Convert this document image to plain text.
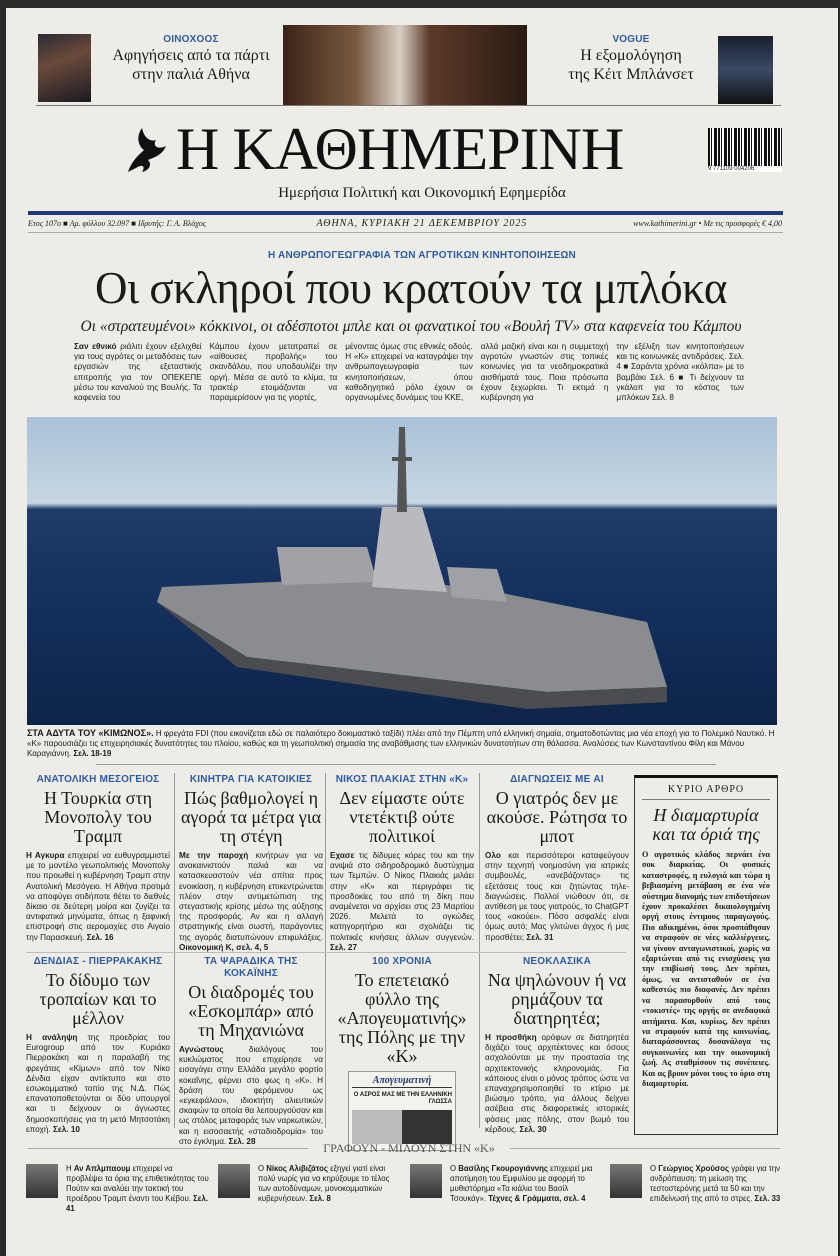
ΟΙΝΟΧΟΟΣ
Αφηγήσεις από τα πάρτι
στην παλιά Αθήνα
VOGUE
Η εξομολόγηση
της Κέιτ Μπλάνσετ
Η ΚΑΘΗΜΕΡΙΝΗ	9 771109 004206
Ημερήσια Πολιτική και Οικονομική Εφημερίδα
Ετος 107ο ■ Αρ. φύλλου 32.097 ■ Ιδρυτής: Γ. Α. Βλάχος	ΑΘΗΝΑ, ΚΥΡΙΑΚΗ 21 ΔΕΚΕΜΒΡΙΟΥ 2025	www.kathimerini.gr • Με τις προσφορές € 4,00
Η ΑΝΘΡΩΠΟΓΕΩΓΡΑΦΙΑ ΤΩΝ ΑΓΡΟΤΙΚΩΝ ΚΙΝΗΤΟΠΟΙΗΣΕΩΝ
Οι σκληροί που κρατούν τα μπλόκα
Οι «στρατευμένοι» κόκκινοι, οι αδέσποτοι μπλε και οι φανατικοί του «Βουλή TV» στα καφενεία του Κάμπου
Σαν εθνικό ριάλιτι έχουν εξελιχθεί για τους αγρότες οι μεταδόσεις των εργασιών της εξεταστικής επιτροπής για τον ΟΠΕΚΕΠΕ μέσω του καναλιού της Βουλής. Τα καφενεία του
Κάμπου έχουν μετατραπεί σε «αίθουσες προβολής» του σκανδάλου, που υποδαυλίζει την οργή. Μέσα σε αυτό το κλίμα, τα τρακτέρ ετοιμάζονται να παραμερίσουν για τις γιορτές,
μένοντας όμως στις εθνικές οδούς. Η «Κ» επιχειρεί να καταγράψει την ανθρωπογεωγραφία των κινητοποιήσεων, όπου καθοδηγητικό ρόλο έχουν οι οργανωμένες δυνάμεις του ΚΚΕ,
αλλά μαζική είναι και η συμμετοχή αγροτών γνωστών στις τοπικές κοινωνίες για τα νεοδημοκρατικά αισθήματά τους. Ποια πρόσωπα έχουν ξεχωρίσει. Τι εκτιμά η κυβέρνηση για
την εξέλιξη των κινητοποιήσεων και τις κοινωνικές αντιδράσεις. Σελ. 4 ■ Σαράντα χρόνια «κόλπα» με το βαμβάκι Σελ. 6 ■ Τι δείχνουν τα γκάλοπ για το κόστος των μπλόκων Σελ. 8
ΣΤΑ ΑΔΥΤΑ ΤΟΥ «ΚΙΜΩΝΟΣ». Η φρεγάτα FDI (που εικονίζεται εδώ σε παλαιότερο δοκιμαστικό ταξίδι) πλέει από την Πέμπτη υπό ελληνική σημαία, σηματοδοτώντας μια νέα εποχή για το Πολεμικό Ναυτικό. Η «Κ» παρουσιάζει τις επιχειρησιακές δυνατότητες του πλοίου, καθώς και τη γεωπολιτική σημασία της αναβάθμισης των ελληνικών δυνατοτήτων στη θάλασσα. Αναλύσεις των Κωνσταντίνου Φίλη και Μάνου Καραγιάννη. Σελ. 18-19
ΑΝΑΤΟΛΙΚΗ ΜΕΣΟΓΕΙΟΣ
Η Τουρκία στη Μονοπολy του Τραμπ
Η Αγκυρα επιχειρεί να ευθυγραμμιστεί με το μοντέλο γεωπολιτικής Μονοπολy που προωθεί η κυβέρνηση Τραμπ στην Ανατολική Μεσόγειο. Η Αθήνα προτιμά να αποφύγει οτιδήποτε θέτει το διεθνές δίκαιο σε δεύτερη μοίρα και ζυγίζει τα αντιφατικά μηνύματα, όπως η ξαφνική επιστροφή στις αερομαχίες στο Αιγαίο την Παρασκευή. Σελ. 16
ΚΙΝΗΤΡΑ ΓΙΑ ΚΑΤΟΙΚΙΕΣ
Πώς βαθμολογεί η αγορά τα μέτρα για τη στέγη
Με την παροχή κινήτρων για να ανακαινιστούν παλιά και να κατασκευαστούν νέα σπίτια προς ενοικίαση, η κυβέρνηση επικεντρώνεται πλέον στην αντιμετώπιση της στεγαστικής κρίσης μέσω της αύξησης της προσφοράς. Αν και η αλλαγή στρατηγικής είναι σωστή, παράγοντες της αγοράς διατυπώνουν επιφυλάξεις. Οικονομική Κ, σελ. 4, 5
ΝΙΚΟΣ ΠΛΑΚΙΑΣ ΣΤΗΝ «Κ»
Δεν είμαστε ούτε ντετέκτιβ ούτε πολιτικοί
Εχασε τις δίδυμες κόρες του και την ανιψιά στο σιδηροδρομικό δυστύχημα των Τεμπών. Ο Νίκος Πλακιάς μιλάει στην «Κ» και περιγράφει τις προσδοκίες του από τη δίκη που αναμένεται να αρχίσει στις 23 Μαρτίου 2026. Μελετά το ογκώδες κατηγορητήριο και σχολιάζει τις πολιτικές κινήσεις άλλων συγγενών. Σελ. 27
ΔΙΑΓΝΩΣΕΙΣ ΜΕ AI
Ο γιατρός δεν με ακούσε. Ρώτησα το μποτ
Ολο και περισσότεροι καταφεύγουν στην τεχνητή νοημοσύνη για ιατρικές συμβουλές, «ανεβάζοντας» τις εξετάσεις τους και ζητώντας τηλε-διαγνώσεις. Πολλοί νιώθουν ότι, σε αντίθεση με τους γιατρούς, το ChatGPT τους «ακούει». Πόσο ασφαλές είναι όμως αυτό; Μας γλιτώνει άγχος ή μας προσθέτει; Σελ. 31
ΔΕΝΔΙΑΣ - ΠΙΕΡΡΑΚΑΚΗΣ
Το δίδυμο των τροπαίων και το μέλλον
Η ανάληψη της προεδρίας του Eurogroup από τον Κυριάκο Πιερρακάκη και η παραλαβή της φρεγάτας «Κίμων» από τον Νίκο Δένδια είχαν αντίκτυπο και στο εσωκομματικό τοπίο της Ν.Δ. Πώς επανατοποθετούνται οι δύο υπουργοί και τι δείχνουν οι άγνωστες δημοσκοπήσεις για τη μετά Μητσοτάκη εποχή. Σελ. 10
ΤΑ ΨΑΡΑΔΙΚΑ ΤΗΣ ΚΟΚΑΪΝΗΣ
Οι διαδρομές του «Εσκομπάρ» από τη Μηχανιώνα
Αγνώστους	διαλόγους του κυκλώματος που επιχείρησε να εισαγάγει στην Ελλάδα μεγάλο φορτίο κοκαΐνης, φέρνει στο φως η «Κ». Η δράση του φερόμενου ως «εγκεφάλου», ιδιοκτήτη αλιευτικών σκαφών τα οποία θα λειτουργούσαν και ως στόλος μεταφοράς των ναρκωτικών, και η εισοσαετής «σταδιοδρομία» του στο έγκλημα. Σελ. 28
100 ΧΡΟΝΙΑ
Το επετειακό φύλλο της «Απογευματινής» της Πόλης με την «Κ»
Απογευματινή
Ο ΑΣΡΟΣ ΜΑΣ ΜΕ ΤΗΝ ΕΛΛΗΝΙΚΗ ΓΛΩΣΣΑ
ΝΕΟΚΛΑΣΙΚΑ
Να ψηλώνουν ή να ρημάζουν τα διατηρητέα;
Η προσθήκη ορόφων σε διατηρητέα διχάζει τους αρχιτέκτονες και όσους ασχολούνται με την προστασία της αρχιτεκτονικής κληρονομιάς. Για κάποιους είναι ο μόνος τρόπος ώστε να επαναχρησιμοποιηθεί το κτίριο με βιώσιμο τρόπο, για άλλους δείχνει ασέβεια στις διαφορετικές ιστορικές φάσεις μιας πόλης, στον βωμό του κέρδους. Σελ. 30
ΚΥΡΙΟ ΑΡΘΡΟ
Η διαμαρτυρία και τα όριά της
Ο αγροτικός κλάδος περνάει ένα σοκ διαρκείας. Οι φυσικές καταστροφές, η ευλογιά και τώρα η βεβιασμένη μετάβαση σε ένα νέο σύστημα διανομής των επιδοτήσεων έχουν προκαλέσει δικαιολογημένη οργή στους έντιμους παραγωγούς. Πιο αδικημένοι, όσοι προσπάθησαν να στραφούν σε νέες καλλιέργειες, να γίνουν ανταγωνιστικοί, χωρίς να εξαρτώνται από τις ενισχύσεις για την επιβίωσή τους. Δεν πρέπει, όμως, να αντισταθούν σε ένα καθεστώς πιο διαφανές. Δεν πρέπει να παρασυρθούν από τους «τοκιστές» της οργής σε ανεδαφικά αιτήματα. Και, κυρίως, δεν πρέπει να στραφούν κατά της κοινωνίας, διαταράσσοντας δυσανάλογα τις συγκοινωνίες και την οικονομική ζωή. Ας σταθμίσουν τις συνέπειες. Και ας βρουν μόνοι τους το όριο στη διαμαρτυρία.
ΓΡΑΦΟΥΝ - ΜΙΛΟΥΝ ΣΤΗΝ «Κ»
Η Αν Απλμπαουμ επιχειρεί να προβλέψει τα όρια της επιθετικότητας του Πούτιν και αναλύει την τακτική του προέδρου Τραμπ έναντι του Κιέβου. Σελ. 41
Ο Νίκος Αλιβιζάτος εξηγεί γιατί είναι πολύ νωρίς για να κηρύξουμε το τέλος των αυτοδύναμων, μονοκομματικών κυβερνήσεων. Σελ. 8
Ο Βασίλης Γκουρογιάννης επιχειρεί μια αποτίμηση του Εμφυλίου με αφορμή το μυθιστόρημα «Τα κιάλια του Βασίλ Τσουκάγ». Τέχνες & Γράμματα, σελ. 4
Ο Γεώργιος Χρούσος γράφει για την ανδρόπαυση: τη μείωση της τεστοστερόνης μετά τα 50 και την επιδείνωσή της από το στρες. Σελ. 33
